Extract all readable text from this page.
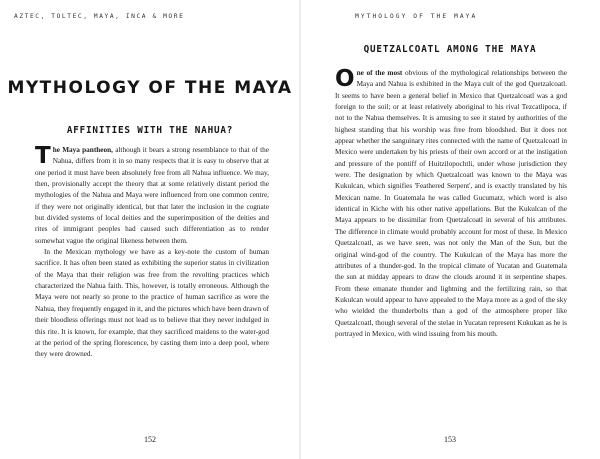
AZTEC, TOLTEC, MAYA, INCA & MORE
MYTHOLOGY OF THE MAYA
AFFINITIES WITH THE NAHUA?

The Maya pantheon, although it bears a strong resemblance to that of the Nahua, differs from it in so many respects that it is easy to observe that at one period it must have been absolutely free from all Nahua influence. We may, then, provisionally accept the theory that at some relatively distant period the mythologies of the Nahua and Maya were influenced from one common centre, if they were not originally identical, but that later the inclusion in the cognate but divided systems of local deities and the superimposition of the deities and rites of immigrant peoples had caused such differentiation as to render somewhat vague the original likeness between them.

In the Mexican mythology we have as a key-note the custom of human sacrifice. It has often been stated as exhibiting the superior status in civilization of the Maya that their religion was free from the revolting practices which characterized the Nahua faith. This, however, is totally erroneous. Although the Maya were not nearly so prone to the practice of human sacrifice as were the Nahua, they frequently engaged in it, and the pictures which have been drawn of their bloodless offerings must not lead us to believe that they never indulged in this rite. It is known, for example, that they sacrificed maidens to the water-god at the period of the spring florescence, by casting them into a deep pool, where they were drowned.

152
MYTHOLOGY OF THE MAYA
QUETZALCOATL AMONG THE MAYA

One of the most obvious of the mythological relationships between the Maya and Nahua is exhibited in the Maya cult of the god Quetzalcoatl. It seems to have been a general belief in Mexico that Quetzalcoatl was a god foreign to the soil; or at least relatively aboriginal to his rival Tezcatlipoca, if not to the Nahua themselves. It is amusing to see it stated by authorities of the highest standing that his worship was free from bloodshed. But it does not appear whether the sanguinary rites connected with the name of Quetzalcoatl in Mexico were undertaken by his priests of their own accord or at the instigation and pressure of the pontiff of Huitzilopochtli, under whose jurisdiction they were. The designation by which Quetzalcoatl was known to the Maya was Kukulcan, which signifies 'Feathered Serpent', and is exactly translated by his Mexican name. In Guatemala he was called Gucumatz, which word is also identical in Kiche with his other native appellations. But the Kukulcan of the Maya appears to be dissimilar from Quetzalcoatl in several of his attributes. The difference in climate would probably account for most of these. In Mexico Quetzalcoatl, as we have seen, was not only the Man of the Sun, but the original wind-god of the country. The Kukulcan of the Maya has more the attributes of a thunder-god. In the tropical climate of Yucatan and Guatemala the sun at midday appears to draw the clouds around it in serpentine shapes. From these emanate thunder and lightning and the fertilizing rain, so that Kukulcan would appear to have appealed to the Maya more as a god of the sky who wielded the thunderbolts than a god of the atmosphere proper like Quetzalcoatl, though several of the stelae in Yucatan represent Kukukan as he is portrayed in Mexico, with wind issuing from his mouth.

153
